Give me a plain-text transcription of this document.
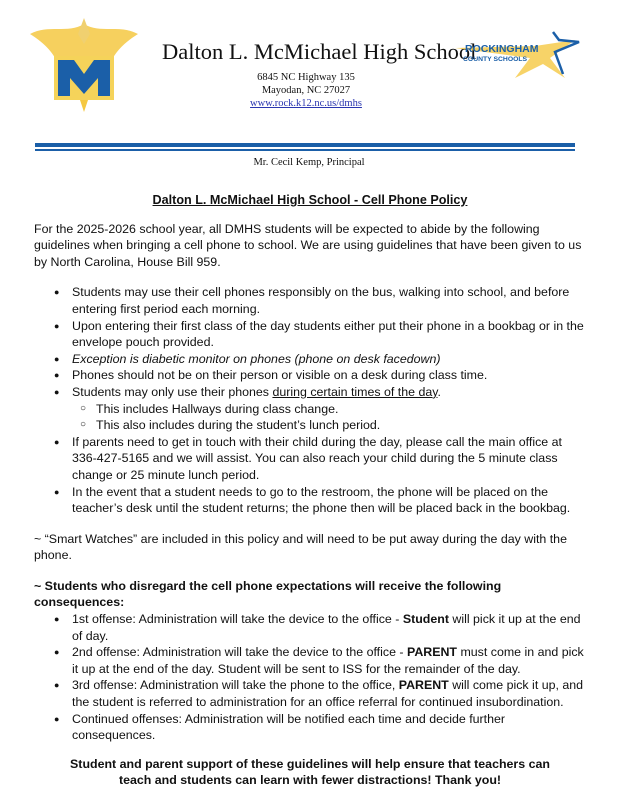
Dalton L. McMichael High School
6845 NC Highway 135
Mayodan, NC 27027
www.rock.k12.nc.us/dmhs
ROCKINGHAM
COUNTY SCHOOLS
Mr. Cecil Kemp, Principal
Dalton L. McMichael High School - Cell Phone Policy

For the 2025-2026 school year, all DMHS students will be expected to abide by the following guidelines when bringing a cell phone to school. We are using guidelines that have been given to us by North Carolina, House Bill 959.

● Students may use their cell phones responsibly on the bus, walking into school, and before entering first period each morning.
● Upon entering their first class of the day students either put their phone in a bookbag or in the envelope pouch provided.
● Exception is diabetic monitor on phones (phone on desk facedown)
● Phones should not be on their person or visible on a desk during class time.
● Students may only use their phones during certain times of the day.
○ This includes Hallways during class change.
○ This also includes during the student’s lunch period.
● If parents need to get in touch with their child during the day, please call the main office at 336-427-5165 and we will assist. You can also reach your child during the 5 minute class change or 25 minute lunch period.
● In the event that a student needs to go to the restroom, the phone will be placed on the teacher’s desk until the student returns; the phone then will be placed back in the bookbag.

~ “Smart Watches” are included in this policy and will need to be put away during the day with the phone.

~ Students who disregard the cell phone expectations will receive the following consequences:

● 1st offense: Administration will take the device to the office - Student will pick it up at the end of day.
● 2nd offense: Administration will take the device to the office - PARENT must come in and pick it up at the end of the day. Student will be sent to ISS for the remainder of the day.
● 3rd offense: Administration will take the phone to the office, PARENT will come pick it up, and the student is referred to administration for an office referral for continued insubordination.
● Continued offenses: Administration will be notified each time and decide further consequences.

Student and parent support of these guidelines will help ensure that teachers can teach and students can learn with fewer distractions! Thank you!
